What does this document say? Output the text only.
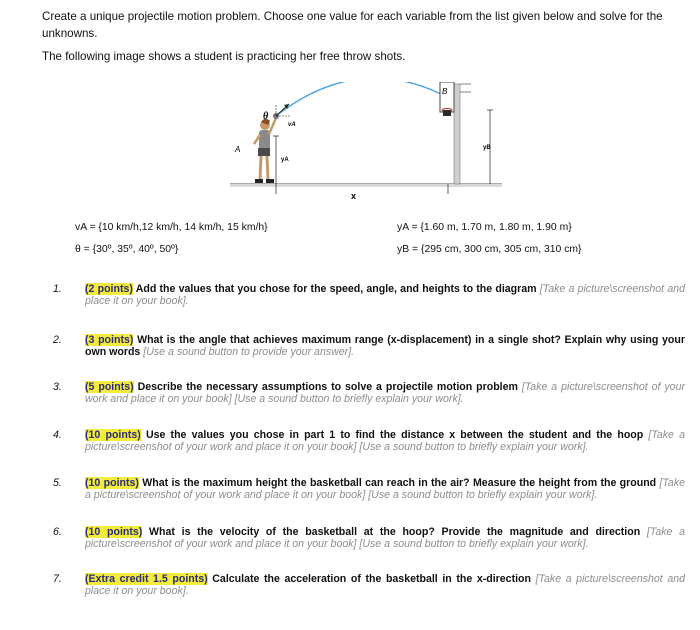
Create a unique projectile motion problem. Choose one value for each variable from the list given below and solve for the unknowns.
The following image shows a student is practicing her free throw shots.
θ
vA
A
yA
B
yB
x
vA = {10 km/h,12 km/h, 14 km/h, 15 km/h}
θ = {30º, 35º, 40º, 50º}
yA = {1.60 m, 1.70 m, 1.80 m, 1.90 m}
yB = {295 cm, 300 cm, 305 cm, 310 cm}
1. (2 points) Add the values that you chose for the speed, angle, and heights to the diagram [Take a picture\screenshot and place it on your book].
2. (3 points) What is the angle that achieves maximum range (x-displacement) in a single shot? Explain why using your own words [Use a sound button to provide your answer].
3. (5 points) Describe the necessary assumptions to solve a projectile motion problem [Take a picture\screenshot of your work and place it on your book] [Use a sound button to briefly explain your work].
4. (10 points) Use the values you chose in part 1 to find the distance x between the student and the hoop [Take a picture\screenshot of your work and place it on your book] [Use a sound button to briefly explain your work].
5. (10 points) What is the maximum height the basketball can reach in the air? Measure the height from the ground [Take a picture\screenshot of your work and place it on your book] [Use a sound button to briefly explain your work].
6. (10 points) What is the velocity of the basketball at the hoop? Provide the magnitude and direction [Take a picture\screenshot of your work and place it on your book] [Use a sound button to briefly explain your work].
7. (Extra credit 1.5 points) Calculate the acceleration of the basketball in the x-direction [Take a picture\screenshot and place it on your book].
